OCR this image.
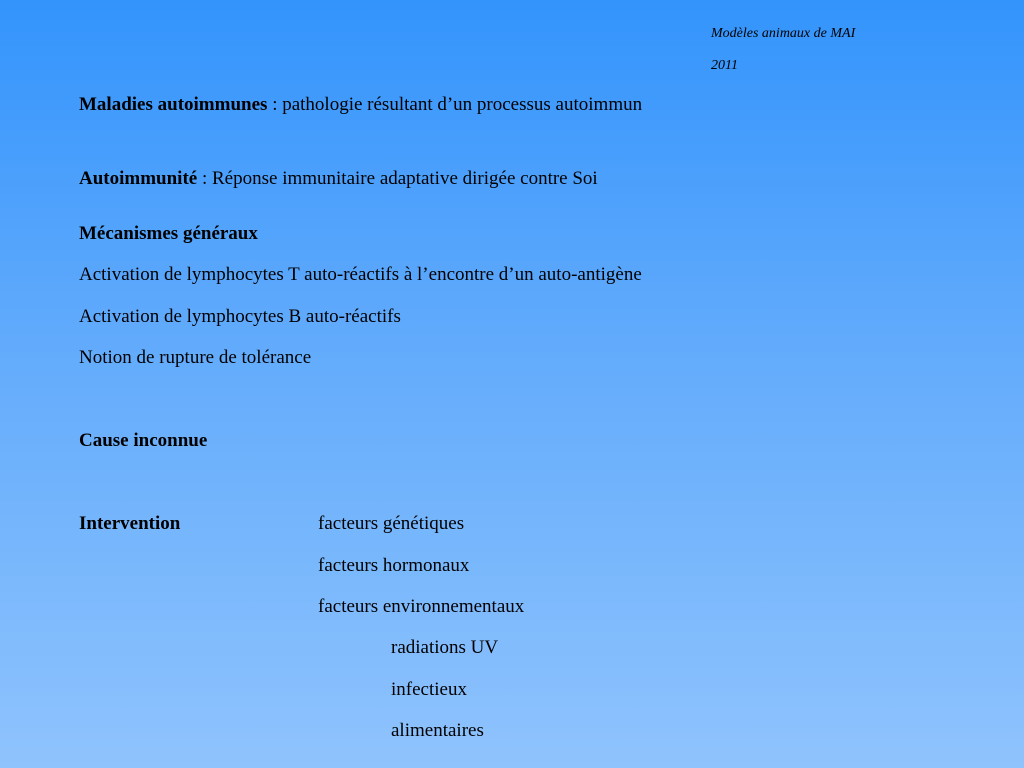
Modèles animaux de MAI
2011
Maladies autoimmunes : pathologie résultant d’un processus autoimmun
Autoimmunité : Réponse immunitaire adaptative dirigée contre Soi
Mécanismes généraux
Activation de lymphocytes T auto-réactifs à l’encontre d’un auto-antigène
Activation de lymphocytes B auto-réactifs
Notion de rupture de tolérance
Cause inconnue
Intervention	facteurs génétiques
facteurs hormonaux
facteurs environnementaux
radiations UV
infectieux
alimentaires
